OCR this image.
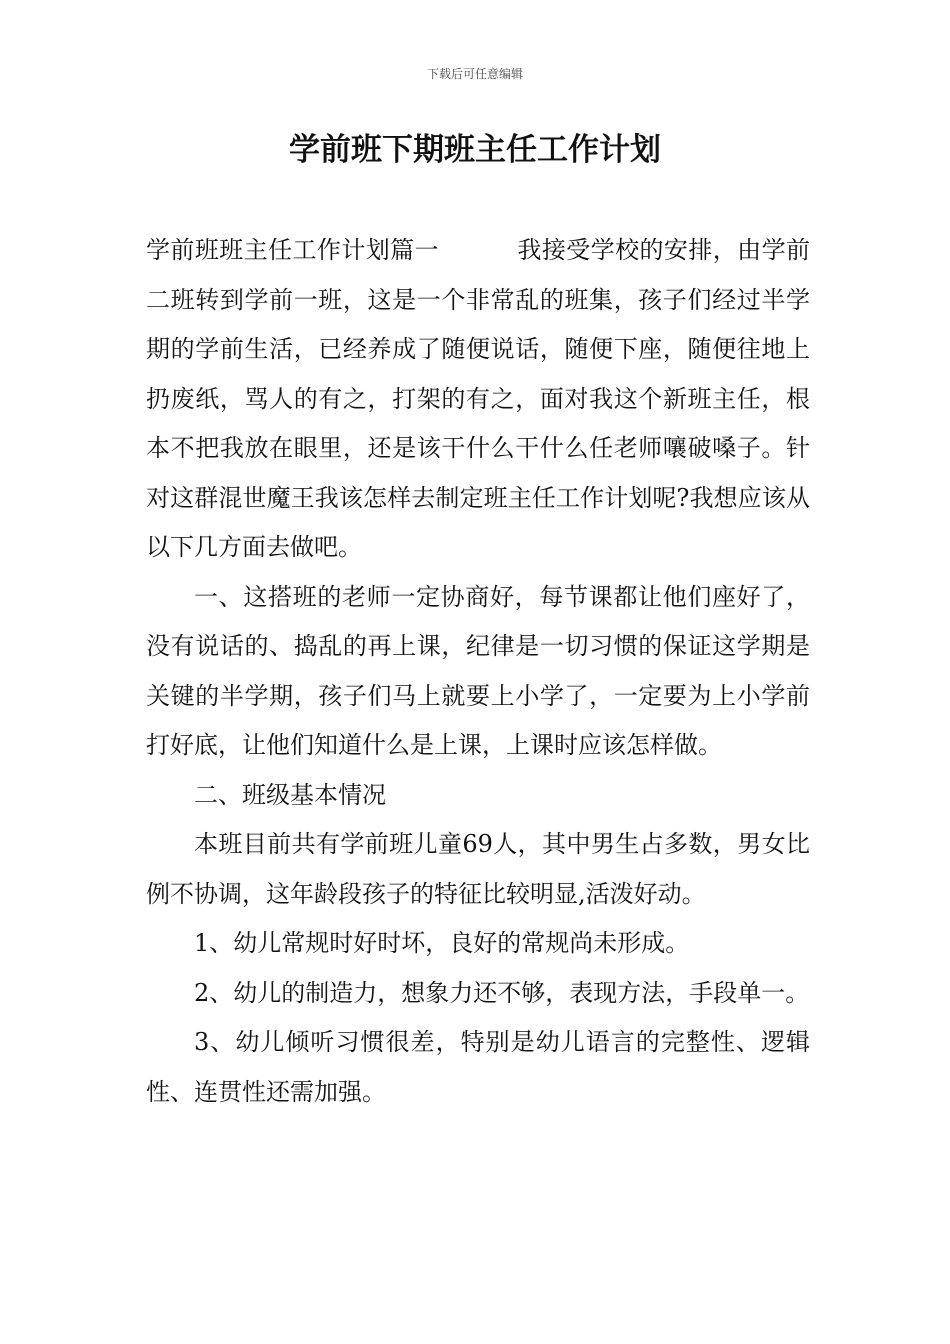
下载后可任意编辑
学前班下期班主任工作计划

学前班班主任工作计划篇一	我接受学校的安排，由学前二班转到学前一班，这是一个非常乱的班集，孩子们经过半学期的学前生活，已经养成了随便说话，随便下座，随便往地上扔废纸，骂人的有之，打架的有之，面对我这个新班主任，根本不把我放在眼里，还是该干什么干什么任老师嚷破嗓子。针对这群混世魔王我该怎样去制定班主任工作计划呢?我想应该从以下几方面去做吧。

一、这搭班的老师一定协商好，每节课都让他们座好了，没有说话的、捣乱的再上课，纪律是一切习惯的保证这学期是关键的半学期，孩子们马上就要上小学了，一定要为上小学前打好底，让他们知道什么是上课，上课时应该怎样做。

二、班级基本情况

本班目前共有学前班儿童69人，其中男生占多数，男女比例不协调，这年龄段孩子的特征比较明显,活泼好动。

1、幼儿常规时好时坏，良好的常规尚未形成。

2、幼儿的制造力，想象力还不够，表现方法，手段单一。

3、幼儿倾听习惯很差，特别是幼儿语言的完整性、逻辑性、连贯性还需加强。
